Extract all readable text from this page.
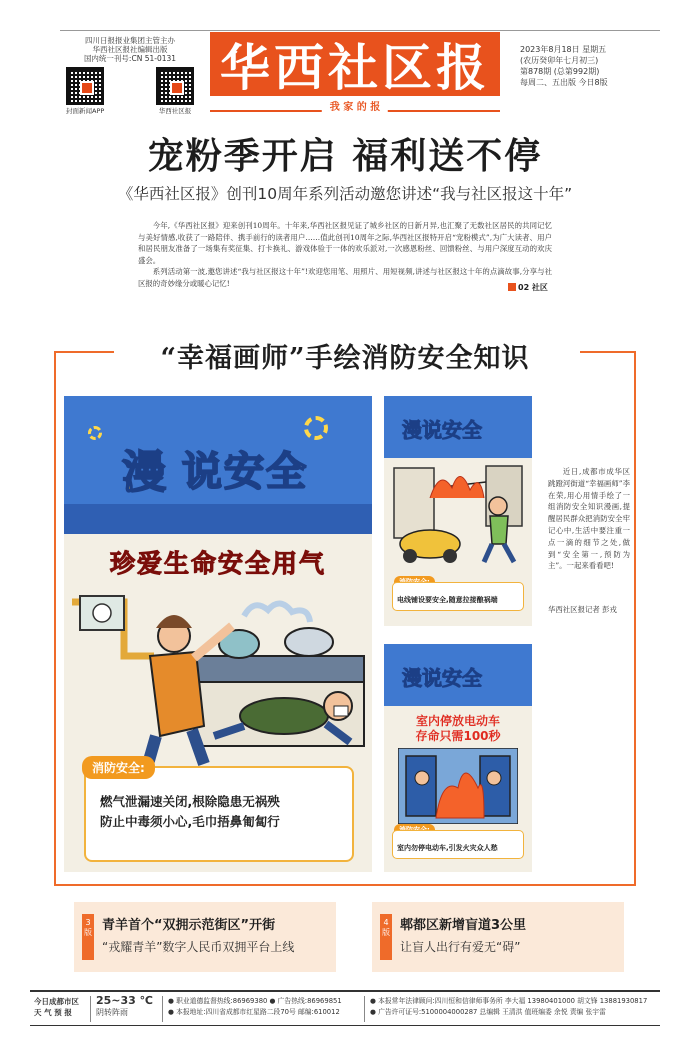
四川日报报业集团主管主办
华西社区报社编辑出版
国内统一刊号:CN 51-0131
封面新闻APP	华西社区报
华西社区报
我 家 的 报
2023年8月18日 星期五
(农历癸卯年七月初三)
第878期 (总第992期)
每周二、五出版 今日8版
宠粉季开启 福利送不停
《华西社区报》创刊10周年系列活动邀您讲述“我与社区报这十年”

今年,《华西社区报》迎来创刊10周年。十年来,华西社区报见证了城乡社区的日新月异,也汇聚了无数社区居民的共同记忆与美好情感,收获了一路陪伴、携手前行的读者用户……值此创刊10周年之际,华西社区报特开启“宠粉模式”,为广大读者、用户和居民朋友准备了一场集有奖征集、打卡换礼、游戏体验于一体的欢乐派对,一次感恩粉丝、回馈粉丝、与用户深度互动的欢庆盛会。

系列活动第一波,邀您讲述“我与社区报这十年”!欢迎您用笔、用照片、用短视频,讲述与社区报这十年的点滴故事,分享与社区报的奇妙缘分或暖心记忆!	02 社区
“幸福画师”手绘消防安全知识
漫 说安全
珍爱生命安全用气
消防安全:
燃气泄漏速关闭,根除隐患无祸殃
防止中毒须小心,毛巾捂鼻匍匐行
漫说安全
电线铺设要安全,随意拉接酿祸端
漫说安全
室内停放电动车
存命只需100秒
室内勿停电动车,引发火灾众人愁
近日,成都市成华区跳蹬河街道“幸福画师”李在荣,用心用情手绘了一组消防安全知识漫画,提醒居民群众把消防安全牢记心中,生活中要注重一点一滴的细节之处,做到“安全第一,预防为主”。一起来看看吧!
华西社区报记者 彭戎
3版 青羊首个“双拥示范街区”开街
“戎耀青羊”数字人民币双拥平台上线
4版 郫都区新增盲道3公里
让盲人出行有爱无“碍”
今日成都市区
天 气 预 报
25~33 ℃
阴转阵雨
● 职业道德监督热线:86969380 ● 广告热线:86969851
● 本报地址:四川省成都市红星路二段70号 邮编:610012
● 本报常年法律顾问:四川恒和信律师事务所 李大福 13980401000 胡文锋 13881930817
● 广告许可证号:5100004000287 总编辑 王清洪 值班编委 余悦 责编 张宇雷
